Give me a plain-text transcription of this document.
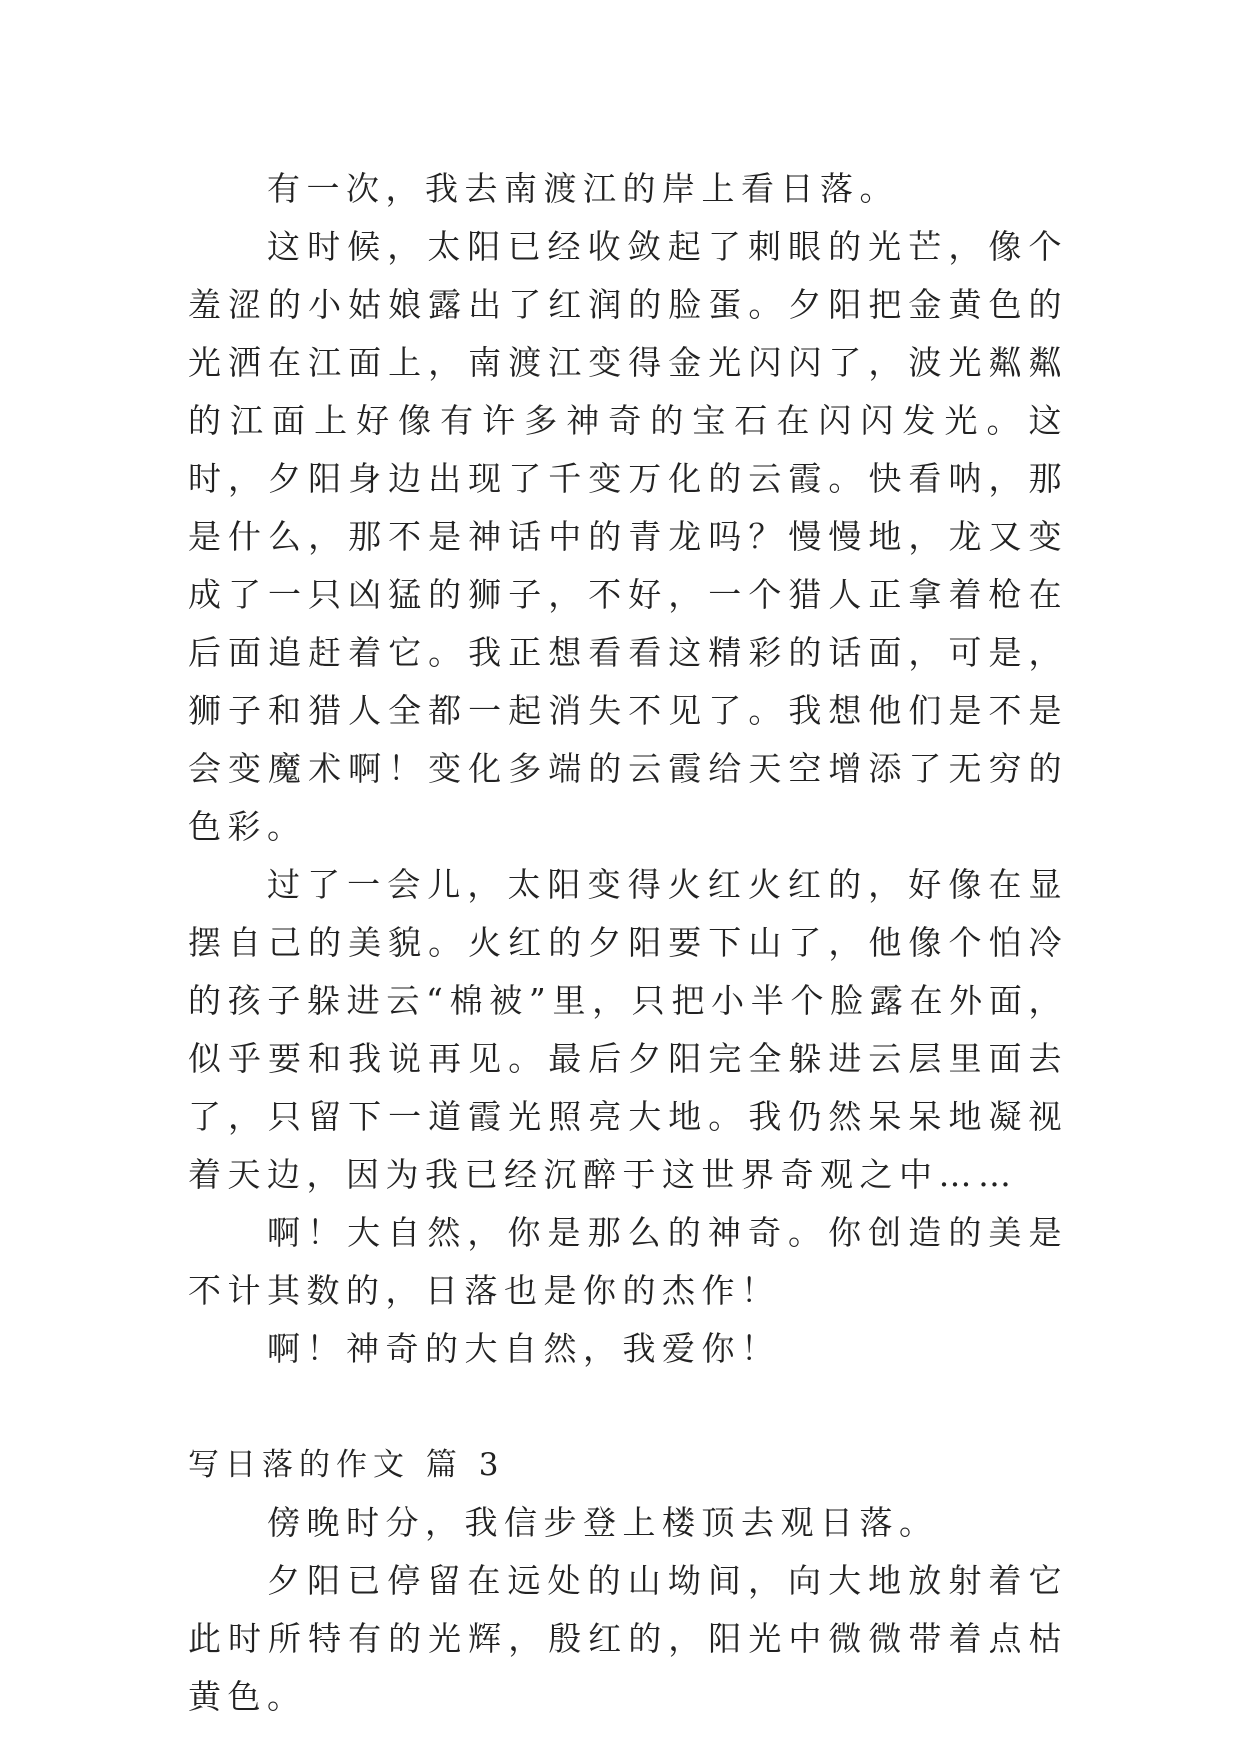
有一次，我去南渡江的岸上看日落。

这时候，太阳已经收敛起了刺眼的光芒，像个羞涩的小姑娘露出了红润的脸蛋。夕阳把金黄色的光洒在江面上，南渡江变得金光闪闪了，波光粼粼的江面上好像有许多神奇的宝石在闪闪发光。这时，夕阳身边出现了千变万化的云霞。快看呐，那是什么，那不是神话中的青龙吗？慢慢地，龙又变成了一只凶猛的狮子，不好，一个猎人正拿着枪在后面追赶着它。我正想看看这精彩的话面，可是，狮子和猎人全都一起消失不见了。我想他们是不是会变魔术啊！变化多端的云霞给天空增添了无穷的色彩。

过了一会儿，太阳变得火红火红的，好像在显摆自己的美貌。火红的夕阳要下山了，他像个怕冷的孩子躲进云“棉被”里，只把小半个脸露在外面，似乎要和我说再见。最后夕阳完全躲进云层里面去了，只留下一道霞光照亮大地。我仍然呆呆地凝视着天边，因为我已经沉醉于这世界奇观之中……

啊！大自然，你是那么的神奇。你创造的美是不计其数的，日落也是你的杰作！

啊！神奇的大自然，我爱你！

写日落的作文 篇 3

傍晚时分，我信步登上楼顶去观日落。

夕阳已停留在远处的山坳间，向大地放射着它此时所特有的光辉，殷红的，阳光中微微带着点枯黄色。
